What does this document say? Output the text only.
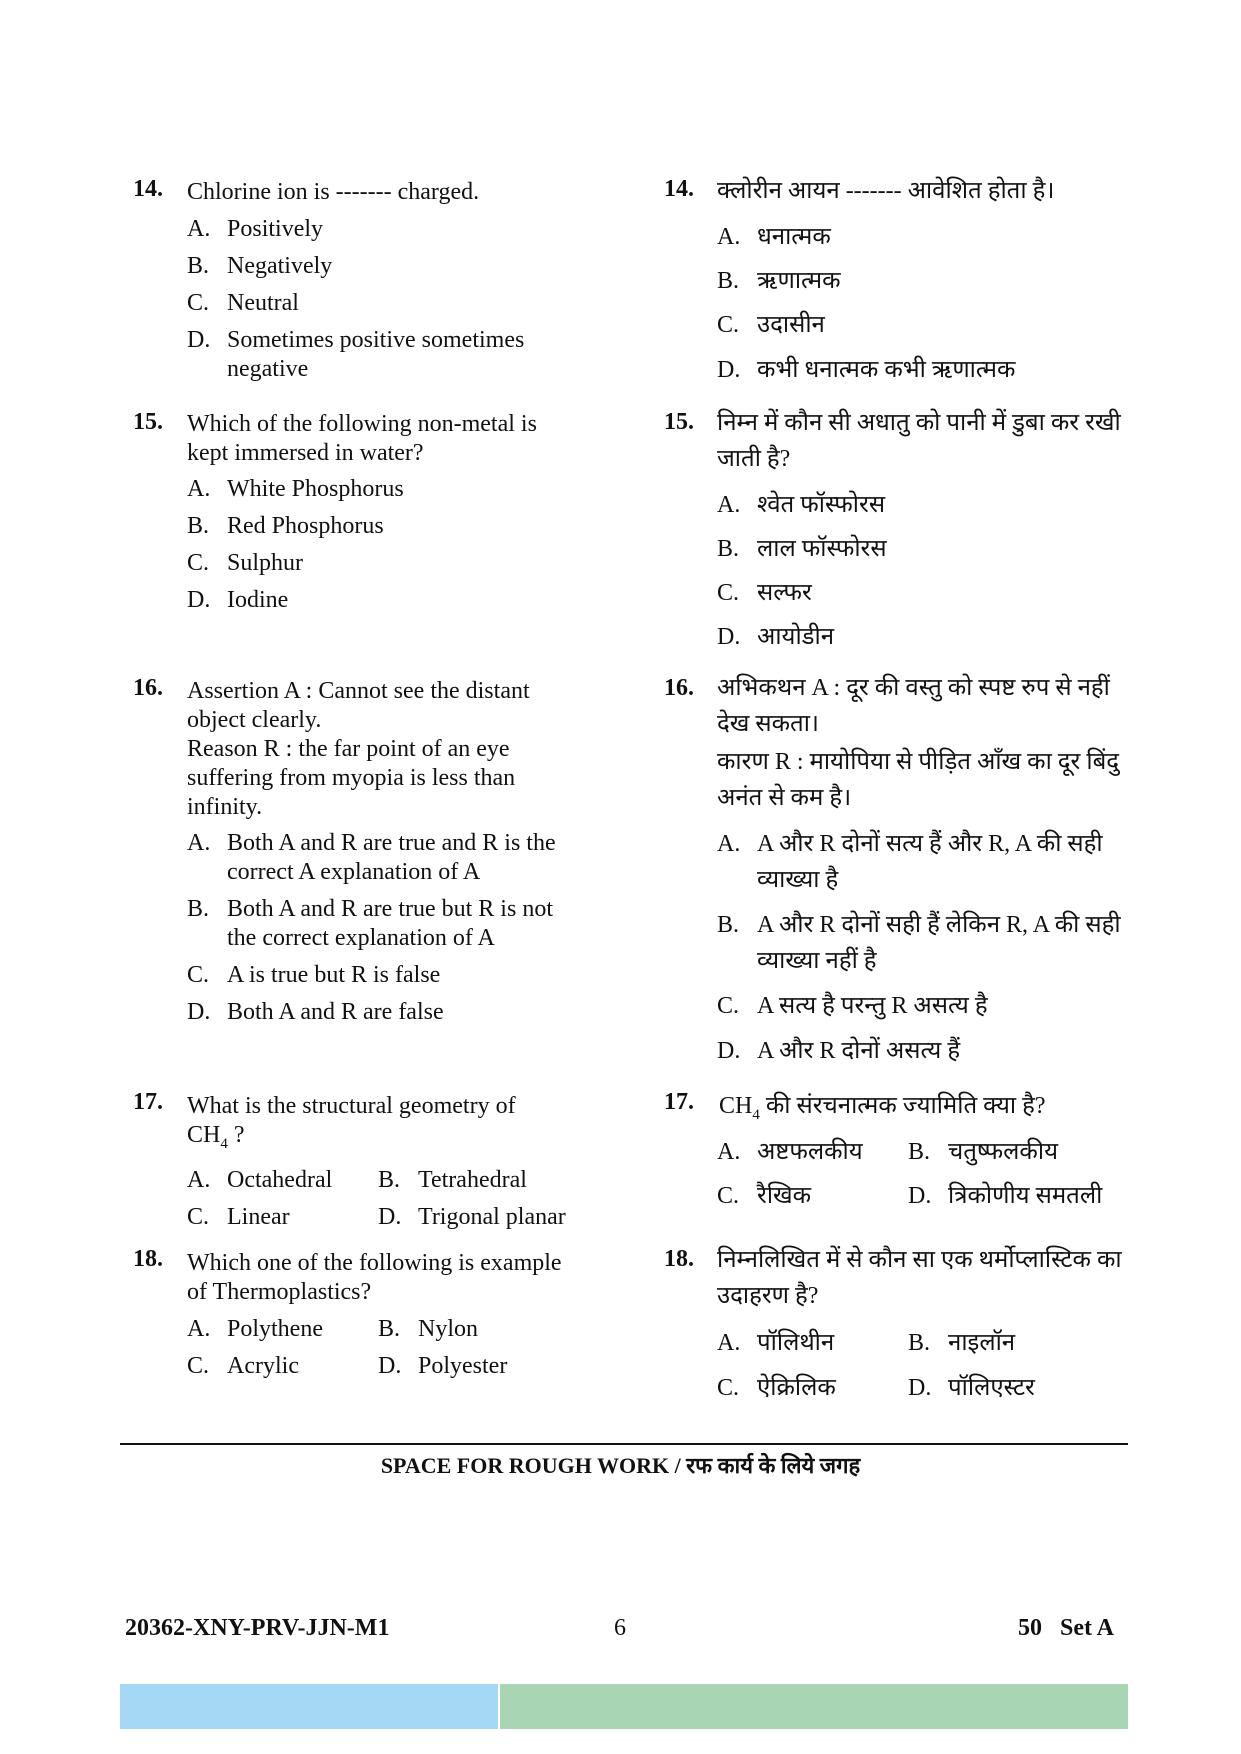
14. Chlorine ion is ------- charged.
A. Positively
B. Negatively
C. Neutral
D. Sometimes positive sometimes negative
15. Which of the following non-metal is kept immersed in water?
A. White Phosphorus
B. Red Phosphorus
C. Sulphur
D. Iodine
16. Assertion A : Cannot see the distant object clearly.
Reason R : the far point of an eye suffering from myopia is less than infinity.
A. Both A and R are true and R is the correct A explanation of A
B. Both A and R are true but R is not the correct explanation of A
C. A is true but R is false
D. Both A and R are false
17. What is the structural geometry of
$CH_4$ ?
A. Octahedral B. Tetrahedral
C. Linear	D. Trigonal planar
18. Which one of the following is example of Thermoplastics?
A. Polythene B. Nylon
C. Acrylic	D. Polyester
14. क्लोरीन आयन ------- आवेशित होता है।
A. धनात्मक
B. ऋणात्मक
C. उदासीन
D. कभी धनात्मक कभी ऋणात्मक
15. निम्न में कौन सी अधातु को पानी में डुबा कर रखी जाती है?
A. श्वेत फॉस्फोरस
B. लाल फॉस्फोरस
C. सल्फर
D. आयोडीन
16. अभिकथन A : दूर की वस्तु को स्पष्ट रुप से नहीं देख सकता।
कारण R : मायोपिया से पीड़ित आँख का दूर बिंदु अनंत से कम है।
A. A और R दोनों सत्य हैं और R, A की सही व्याख्या है
B. A और R दोनों सही हैं लेकिन R, A की सही व्याख्या नहीं है
C. A सत्य है परन्तु R असत्य है
D. A और R दोनों असत्य हैं
17. $CH_4$ की संरचनात्मक ज्यामिति क्या है?
A. अष्टफलकीय B. चतुष्फलकीय
C. रैखिक	D. त्रिकोणीय समतली
18. निम्नलिखित में से कौन सा एक थर्मोप्लास्टिक का उदाहरण है?
A. पॉलिथीन	B. नाइलॉन
C. ऐक्रिलिक	D. पॉलिएस्टर
SPACE FOR ROUGH WORK / रफ कार्य के लिये जगह
20362-XNY-PRV-JJN-M1	6	50   Set A
